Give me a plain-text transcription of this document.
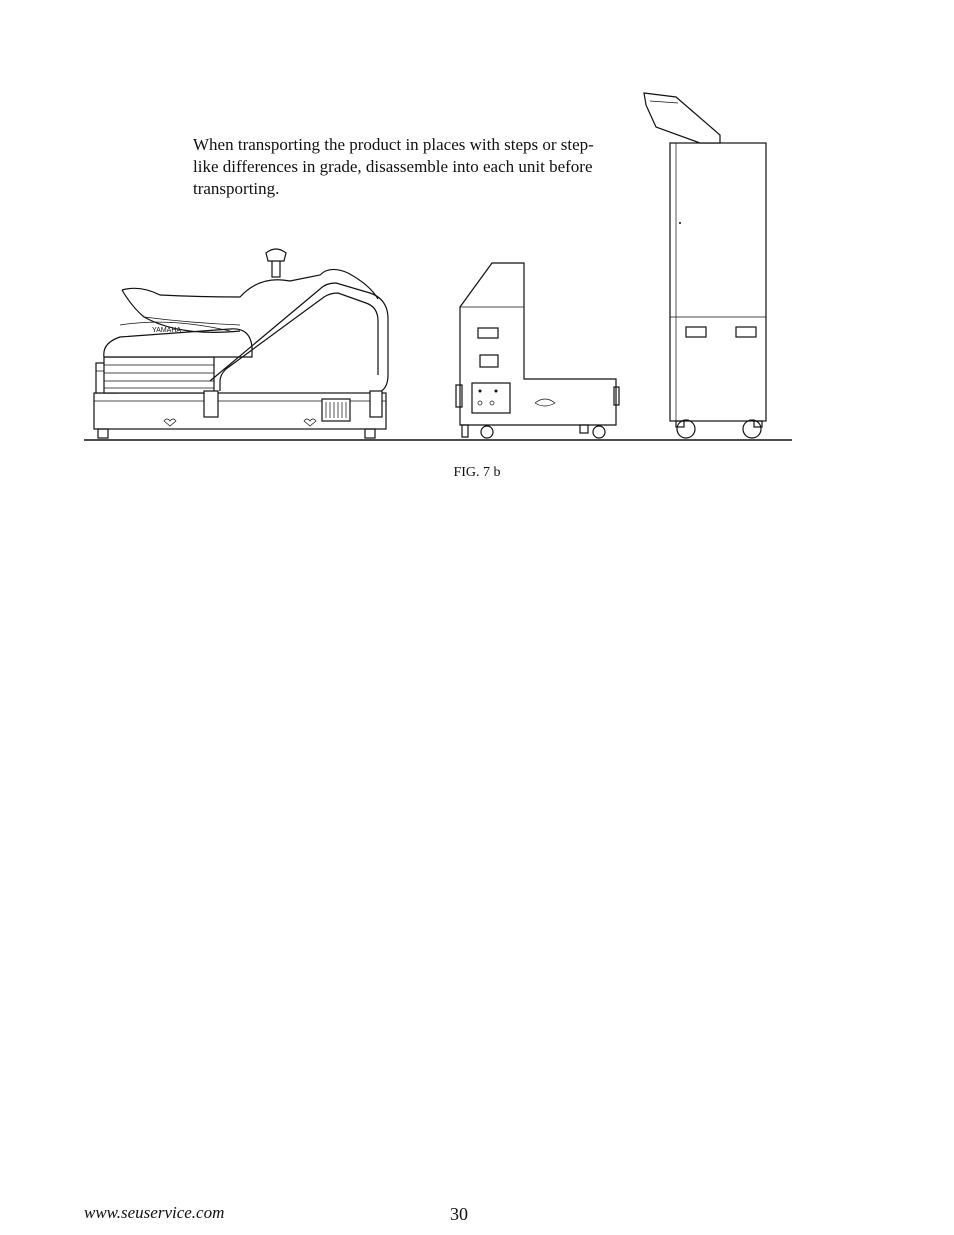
When transporting the product in places with steps or step-like differences in grade, disassemble into each unit before transporting.

YAMAHA
FIG. 7 b
www.seuservice.com	30
